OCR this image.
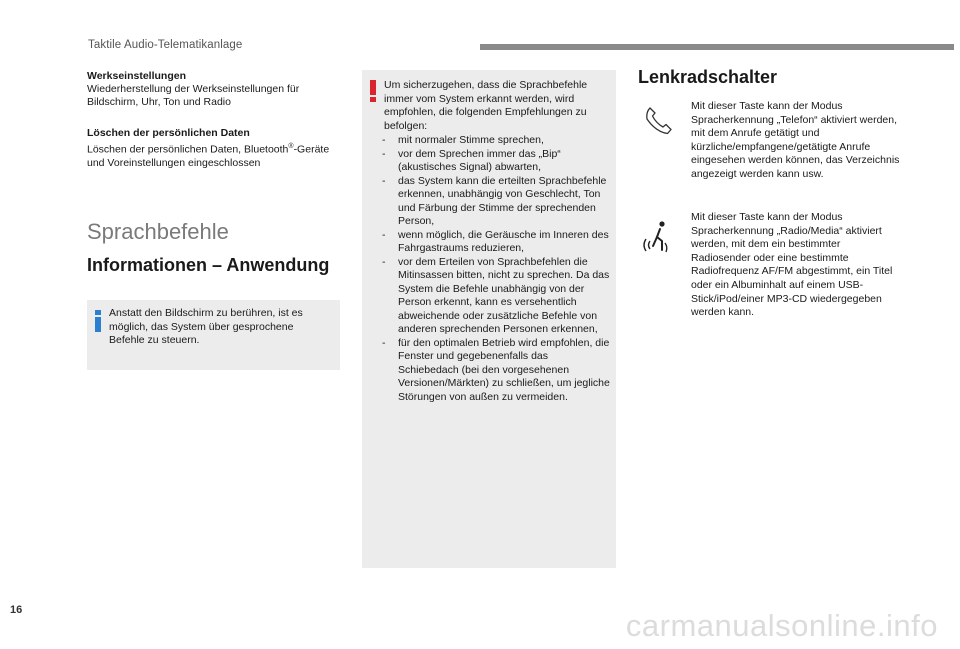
Taktile Audio-Telematikanlage
Werkseinstellungen
Wiederherstellung der Werkseinstellungen für Bildschirm, Uhr, Ton und Radio
Löschen der persönlichen Daten
Löschen der persönlichen Daten, Bluetooth®-Geräte und Voreinstellungen eingeschlossen
Sprachbefehle
Informationen – Anwendung
Anstatt den Bildschirm zu berühren, ist es möglich, das System über gesprochene Befehle zu steuern.
Um sicherzugehen, dass die Sprachbefehle immer vom System erkannt werden, wird empfohlen, die folgenden Empfehlungen zu befolgen:
- mit normaler Stimme sprechen,
- vor dem Sprechen immer das „Bip“ (akustisches Signal) abwarten,
- das System kann die erteilten Sprachbefehle erkennen, unabhängig von Geschlecht, Ton und Färbung der Stimme der sprechenden Person,
- wenn möglich, die Geräusche im Inneren des Fahrgastraums reduzieren,
- vor dem Erteilen von Sprachbefehlen die Mitinsassen bitten, nicht zu sprechen. Da das System die Befehle unabhängig von der Person erkennt, kann es versehentlich abweichende oder zusätzliche Befehle von anderen sprechenden Personen erkennen,
- für den optimalen Betrieb wird empfohlen, die Fenster und gegebenenfalls das Schiebedach (bei den vorgesehenen Versionen/Märkten) zu schließen, um jegliche Störungen von außen zu vermeiden.
Lenkradschalter
Mit dieser Taste kann der Modus Spracherkennung „Telefon“ aktiviert werden, mit dem Anrufe getätigt und kürzliche/empfangene/getätigte Anrufe eingesehen werden können, das Verzeichnis angezeigt werden kann usw.
Mit dieser Taste kann der Modus Spracherkennung „Radio/Media“ aktiviert werden, mit dem ein bestimmter Radiosender oder eine bestimmte Radiofrequenz AF/FM abgestimmt, ein Titel oder ein Albuminhalt auf einem USB-Stick/iPod/einer MP3-CD wiedergegeben werden kann.
16	carmanualsonline.info
